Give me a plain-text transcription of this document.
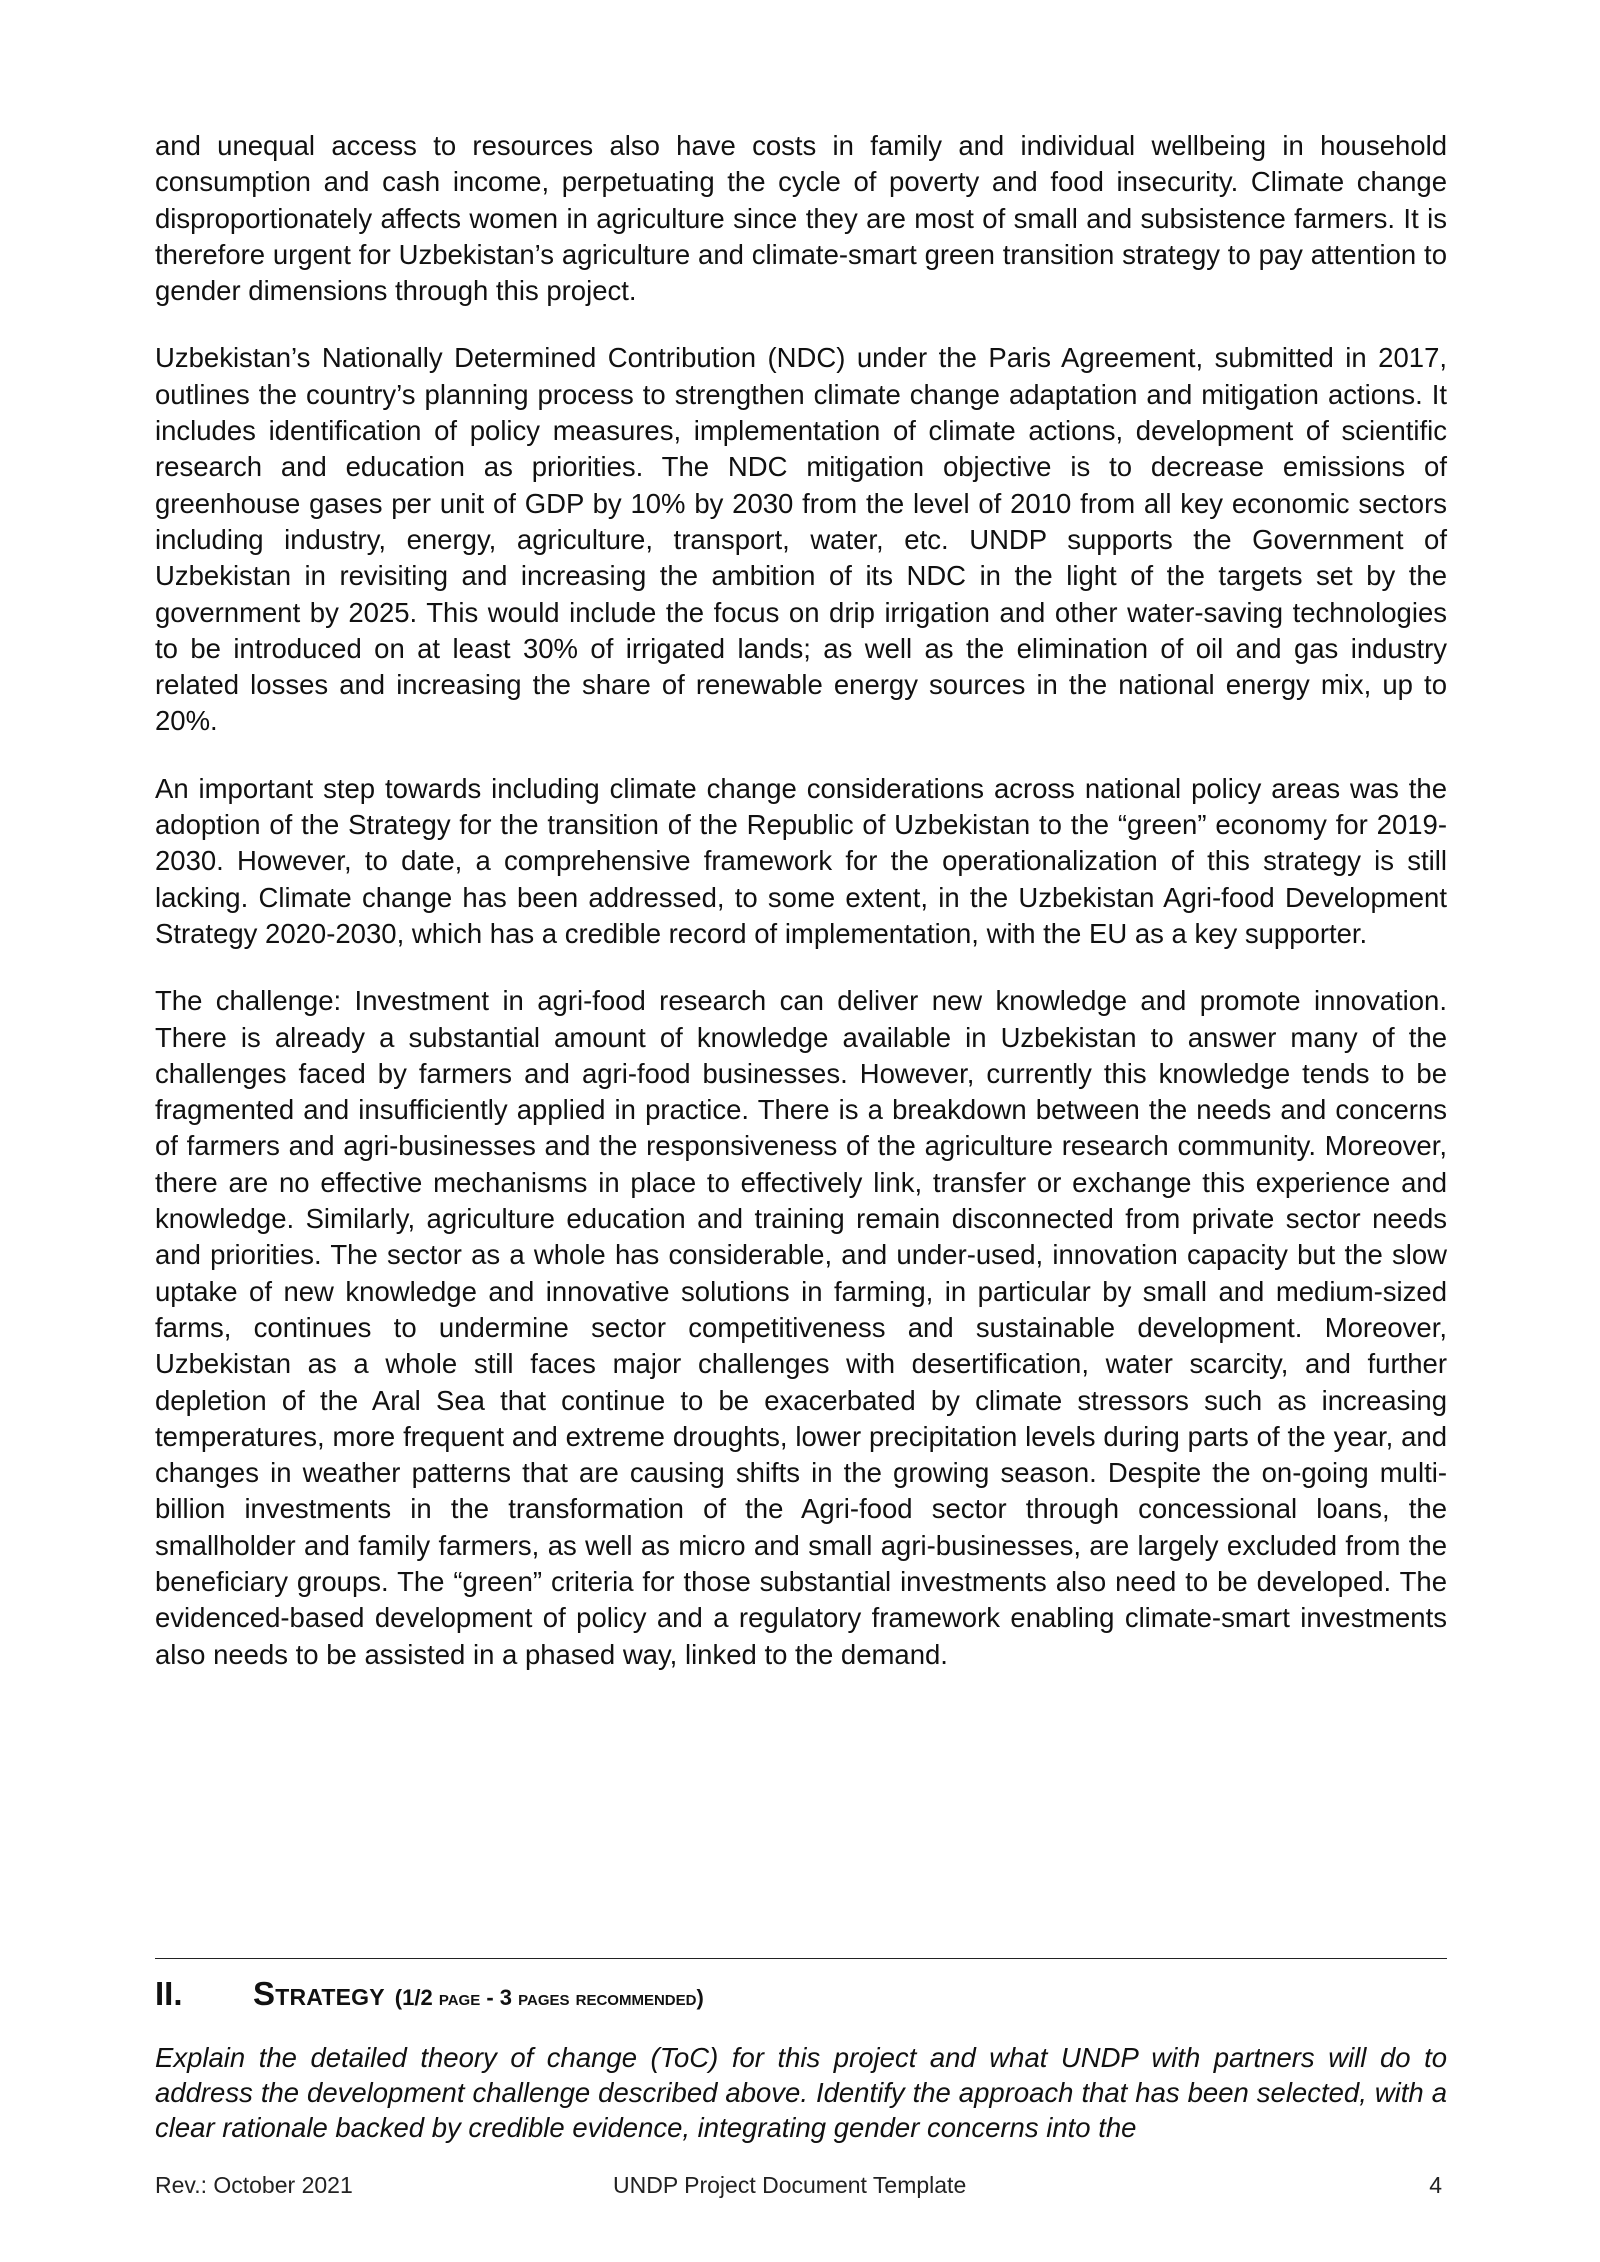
and unequal access to resources also have costs in family and individual wellbeing in household consumption and cash income, perpetuating the cycle of poverty and food insecurity. Climate change disproportionately affects women in agriculture since they are most of small and subsistence farmers. It is therefore urgent for Uzbekistan’s agriculture and climate-smart green transition strategy to pay attention to gender dimensions through this project.

Uzbekistan’s Nationally Determined Contribution (NDC) under the Paris Agreement, submitted in 2017, outlines the country’s planning process to strengthen climate change adaptation and mitigation actions. It includes identification of policy measures, implementation of climate actions, development of scientific research and education as priorities. The NDC mitigation objective is to decrease emissions of greenhouse gases per unit of GDP by 10% by 2030 from the level of 2010 from all key economic sectors including industry, energy, agriculture, transport, water, etc. UNDP supports the Government of Uzbekistan in revisiting and increasing the ambition of its NDC in the light of the targets set by the government by 2025. This would include the focus on drip irrigation and other water-saving technologies to be introduced on at least 30% of irrigated lands; as well as the elimination of oil and gas industry related losses and increasing the share of renewable energy sources in the national energy mix, up to 20%.

An important step towards including climate change considerations across national policy areas was the adoption of the Strategy for the transition of the Republic of Uzbekistan to the “green” economy for 2019-2030. However, to date, a comprehensive framework for the operationalization of this strategy is still lacking. Climate change has been addressed, to some extent, in the Uzbekistan Agri-food Development Strategy 2020-2030, which has a credible record of implementation, with the EU as a key supporter.

The challenge: Investment in agri-food research can deliver new knowledge and promote innovation. There is already a substantial amount of knowledge available in Uzbekistan to answer many of the challenges faced by farmers and agri-food businesses. However, currently this knowledge tends to be fragmented and insufficiently applied in practice. There is a breakdown between the needs and concerns of farmers and agri-businesses and the responsiveness of the agriculture research community. Moreover, there are no effective mechanisms in place to effectively link, transfer or exchange this experience and knowledge. Similarly, agriculture education and training remain disconnected from private sector needs and priorities. The sector as a whole has considerable, and under-used, innovation capacity but the slow uptake of new knowledge and innovative solutions in farming, in particular by small and medium-sized farms, continues to undermine sector competitiveness and sustainable development. Moreover, Uzbekistan as a whole still faces major challenges with desertification, water scarcity, and further depletion of the Aral Sea that continue to be exacerbated by climate stressors such as increasing temperatures, more frequent and extreme droughts, lower precipitation levels during parts of the year, and changes in weather patterns that are causing shifts in the growing season. Despite the on-going multi-billion investments in the transformation of the Agri-food sector through concessional loans, the smallholder and family farmers, as well as micro and small agri-businesses, are largely excluded from the beneficiary groups. The “green” criteria for those substantial investments also need to be developed. The evidenced-based development of policy and a regulatory framework enabling climate-smart investments also needs to be assisted in a phased way, linked to the demand.

II.	Strategy (1/2 page - 3 pages recommended)

Explain the detailed theory of change (ToC) for this project and what UNDP with partners will do to address the development challenge described above. Identify the approach that has been selected, with a clear rationale backed by credible evidence, integrating gender concerns into the

Rev.: October 2021	UNDP Project Document Template	4
